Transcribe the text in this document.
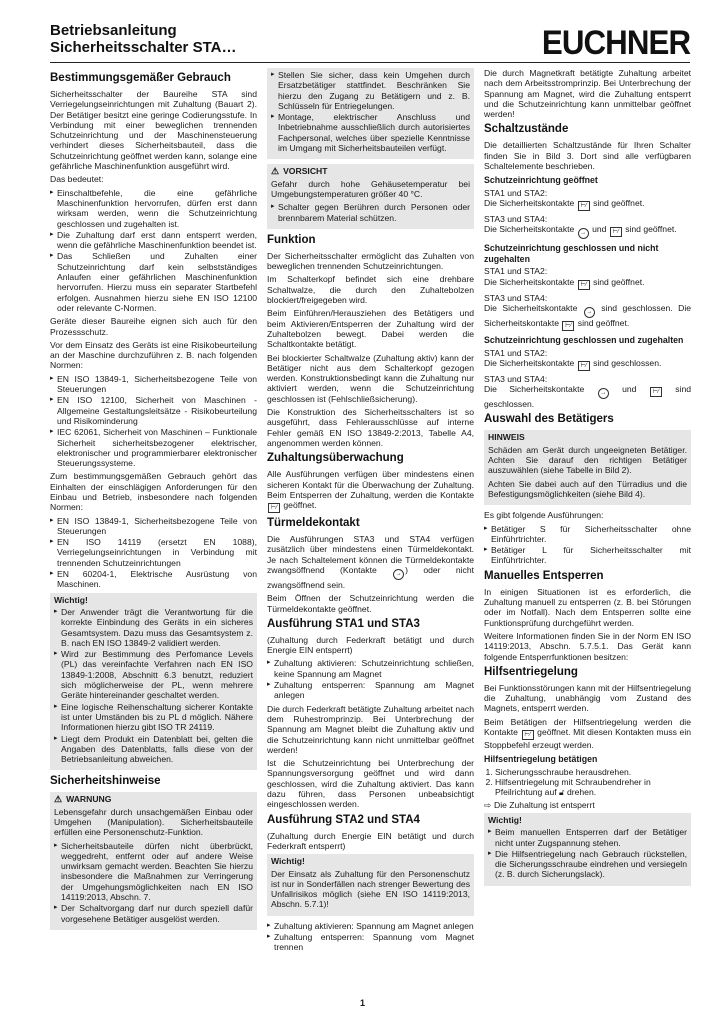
Betriebsanleitung
Sicherheitsschalter STA…	EUCHNER
Bestimmungsgemäßer Gebrauch

Sicherheitsschalter der Baureihe STA sind Verriegelungseinrichtungen mit Zuhaltung (Bauart 2). Der Betätiger besitzt eine geringe Codierungsstufe. In Verbindung mit einer beweglichen trennenden Schutzeinrichtung und der Maschinensteuerung verhindert dieses Sicherheitsbauteil, dass die Schutzeinrichtung geöffnet werden kann, solange eine gefährliche Maschinenfunktion ausgeführt wird.

Das bedeutet:

▸ Einschaltbefehle, die eine gefährliche Maschinenfunktion hervorrufen, dürfen erst dann wirksam werden, wenn die Schutzeinrichtung geschlossen und zugehalten ist.
▸ Die Zuhaltung darf erst dann entsperrt werden, wenn die gefährliche Maschinenfunktion beendet ist.
▸ Das Schließen und Zuhalten einer Schutzeinrichtung darf kein selbstständiges Anlaufen einer gefährlichen Maschinenfunktion hervorrufen. Hierzu muss ein separater Startbefehl erfolgen. Ausnahmen hierzu siehe EN ISO 12100 oder relevante C-Normen.

Geräte dieser Baureihe eignen sich auch für den Prozessschutz.

Vor dem Einsatz des Geräts ist eine Risikobeurteilung an der Maschine durchzuführen z. B. nach folgenden Normen:

▸ EN ISO 13849-1, Sicherheitsbezogene Teile von Steuerungen
▸ EN ISO 12100, Sicherheit von Maschinen - Allgemeine Gestaltungsleitsätze - Risikobeurteilung und Risikominderung
▸ IEC 62061, Sicherheit von Maschinen – Funktionale Sicherheit sicherheitsbezogener elektrischer, elektronischer und programmierbarer elektronischer Steuerungssysteme.

Zum bestimmungsgemäßen Gebrauch gehört das Einhalten der einschlägigen Anforderungen für den Einbau und Betrieb, insbesondere nach folgenden Normen:

▸ EN ISO 13849-1, Sicherheitsbezogene Teile von Steuerungen
▸ EN ISO 14119 (ersetzt EN 1088), Verriegelungseinrichtungen in Verbindung mit trennenden Schutzeinrichtungen
▸ EN 60204-1, Elektrische Ausrüstung von Maschinen.
Wichtig!
▸ Der Anwender trägt die Verantwortung für die korrekte Einbindung des Geräts in ein sicheres Gesamtsystem. Dazu muss das Gesamtsystem z. B. nach EN ISO 13849-2 validiert werden.
▸ Wird zur Bestimmung des Perfomance Levels (PL) das vereinfachte Verfahren nach EN ISO 13849-1:2008, Abschnitt 6.3 benutzt, reduziert sich möglicherweise der PL, wenn mehrere Geräte hintereinander geschaltet werden.
▸ Eine logische Reihenschaltung sicherer Kontakte ist unter Umständen bis zu PL d möglich. Nähere Informationen hierzu gibt ISO TR 24119.
▸ Liegt dem Produkt ein Datenblatt bei, gelten die Angaben des Datenblatts, falls diese von der Betriebsanleitung abweichen.
Sicherheitshinweise
⚠ WARNUNG

Lebensgefahr durch unsachgemäßen Einbau oder Umgehen (Manipulation). Sicherheitsbauteile erfüllen eine Personenschutz-Funktion.

▸ Sicherheitsbauteile dürfen nicht überbrückt, weggedreht, entfernt oder auf andere Weise unwirksam gemacht werden. Beachten Sie hierzu insbesondere die Maßnahmen zur Verringerung der Umgehungsmöglichkeiten nach EN ISO 14119:2013, Abschn. 7.
▸ Der Schaltvorgang darf nur durch speziell dafür vorgesehene Betätiger ausgelöst werden.
▸ Stellen Sie sicher, dass kein Umgehen durch Ersatzbetätiger stattfindet. Beschränken Sie hierzu den Zugang zu Betätigern und z. B. Schlüsseln für Entriegelungen.
▸ Montage, elektrischer Anschluss und Inbetriebnahme ausschließlich durch autorisiertes Fachpersonal, welches über spezielle Kenntnisse im Umgang mit Sicherheitsbauteilen verfügt.
⚠ VORSICHT

Gefahr durch hohe Gehäusetemperatur bei Umgebungstemperaturen größer 40 °C.

▸ Schalter gegen Berühren durch Personen oder brennbarem Material schützen.
Funktion

Der Sicherheitsschalter ermöglicht das Zuhalten von beweglichen trennenden Schutzeinrichtungen.

Im Schalterkopf befindet sich eine drehbare Schaltwalze, die durch den Zuhaltebolzen blockiert/freigegeben wird.

Beim Einführen/Herausziehen des Betätigers und beim Aktivieren/Entsperren der Zuhaltung wird der Zuhaltebolzen bewegt. Dabei werden die Schaltkontakte betätigt.

Bei blockierter Schaltwalze (Zuhaltung aktiv) kann der Betätiger nicht aus dem Schalterkopf gezogen werden. Konstruktionsbedingt kann die Zuhaltung nur aktiviert werden, wenn die Schutzeinrichtung geschlossen ist (Fehlschließsicherung).

Die Konstruktion des Sicherheitsschalters ist so ausgeführt, dass Fehlerausschlüsse auf interne Fehler gemäß EN ISO 13849-2:2013, Tabelle A4, angenommen werden können.

Zuhaltungsüberwachung

Alle Ausführungen verfügen über mindestens einen sicheren Kontakt für die Überwachung der Zuhaltung. Beim Entsperren der Zuhaltung, werden die Kontakte ⊢⁄ geöffnet.

Türmeldekontakt

Die Ausführungen STA3 und STA4 verfügen zusätzlich über mindestens einen Türmeldekontakt. Je nach Schaltelement können die Türmeldekontakte zwangsöffnend (Kontakte	→ ) oder nicht zwangsöffnend sein.

Beim Öffnen der Schutzeinrichtung werden die Türmeldekontakte geöffnet.

Ausführung STA1 und STA3

(Zuhaltung durch Federkraft betätigt und durch Energie EIN entsperrt)

▸ Zuhaltung aktivieren: Schutzeinrichtung schließen, keine Spannung am Magnet
▸ Zuhaltung entsperren: Spannung am Magnet anlegen

Die durch Federkraft betätigte Zuhaltung arbeitet nach dem Ruhestromprinzip. Bei Unterbrechung der Spannung am Magnet bleibt die Zuhaltung aktiv und die Schutzeinrichtung kann nicht unmittelbar geöffnet werden!

Ist die Schutzeinrichtung bei Unterbrechung der Spannungsversorgung geöffnet und wird dann geschlossen, wird die Zuhaltung aktiviert. Das kann dazu führen, dass Personen unbeabsichtigt eingeschlossen werden.

Ausführung STA2 und STA4

(Zuhaltung durch Energie EIN betätigt und durch Federkraft entsperrt)

Wichtig!

Der Einsatz als Zuhaltung für den Personenschutz ist nur in Sonderfällen nach strenger Bewertung des Unfallrisikos möglich (siehe EN ISO 14119:2013, Abschn. 5.7.1)!

▸ Zuhaltung aktivieren: Spannung am Magnet anlegen
▸ Zuhaltung entsperren: Spannung vom Magnet trennen

Die durch Magnetkraft betätigte Zuhaltung arbeitet nach dem Arbeitsstromprinzip. Bei Unterbrechung der Spannung am Magnet, wird die Zuhaltung entsperrt und die Schutzeinrichtung kann unmittelbar geöffnet werden!

Schaltzustände

Die detaillierten Schaltzustände für Ihren Schalter finden Sie in Bild 3. Dort sind alle verfügbaren Schaltelemente beschrieben.

Schutzeinrichtung geöffnet
STA1 und STA2:

Die Sicherheitskontakte ⊢⁄ sind geöffnet.

STA3 und STA4:

Die Sicherheitskontakte → und ⊢⁄ sind geöffnet.

Schutzeinrichtung geschlossen und nicht zugehalten
STA1 und STA2:

Die Sicherheitskontakte ⊢⁄ sind geöffnet.

STA3 und STA4:

Die Sicherheitskontakte → sind geschlossen. Die Sicherheitskontakte ⊢⁄ sind geöffnet.

Schutzeinrichtung geschlossen und zugehalten
STA1 und STA2:

Die Sicherheitskontakte ⊢⁄ sind geschlossen.

STA3 und STA4:

Die Sicherheitskontakte	→ und	⊢⁄ sind geschlossen.

Auswahl des Betätigers
HINWEIS

Schäden am Gerät durch ungeeigneten Betätiger. Achten Sie darauf den richtigen Betätiger auszuwählen (siehe Tabelle in Bild 2).

Achten Sie dabei auch auf den Türradius und die Befestigungsmöglichkeiten (siehe Bild 4).

Es gibt folgende Ausführungen:

▸ Betätiger S für Sicherheitsschalter ohne Einführtrichter.
▸ Betätiger L für Sicherheitsschalter mit Einführtrichter.
Manuelles Entsperren

In einigen Situationen ist es erforderlich, die Zuhaltung manuell zu entsperren (z. B. bei Störungen oder im Notfall). Nach dem Entsperren sollte eine Funktionsprüfung durchgeführt werden.

Weitere Informationen finden Sie in der Norm EN ISO 14119:2013, Abschn. 5.7.5.1. Das Gerät kann folgende Entsperrfunktionen besitzen:

Hilfsentriegelung

Bei Funktionsstörungen kann mit der Hilfsentriegelung die Zuhaltung, unabhängig vom Zustand des Magnets, entsperrt werden.

Beim Betätigen der Hilfsentriegelung werden die Kontakte ⊢⁄ geöffnet. Mit diesen Kontakten muss ein Stoppbefehl erzeugt werden.

Hilfsentriegelung betätigen
1. Sicherungsschraube herausdrehen.
2. Hilfsentriegelung mit Schraubendreher in Pfeilrichtung auf 🔓︎ drehen.

⇨ Die Zuhaltung ist entsperrt

Wichtig!
▸ Beim manuellen Entsperren darf der Betätiger nicht unter Zugspannung stehen.
▸ Die Hilfsentriegelung nach Gebrauch rückstellen, die Sicherungsschraube eindrehen und versiegeln (z. B. durch Sicherungslack).
1
